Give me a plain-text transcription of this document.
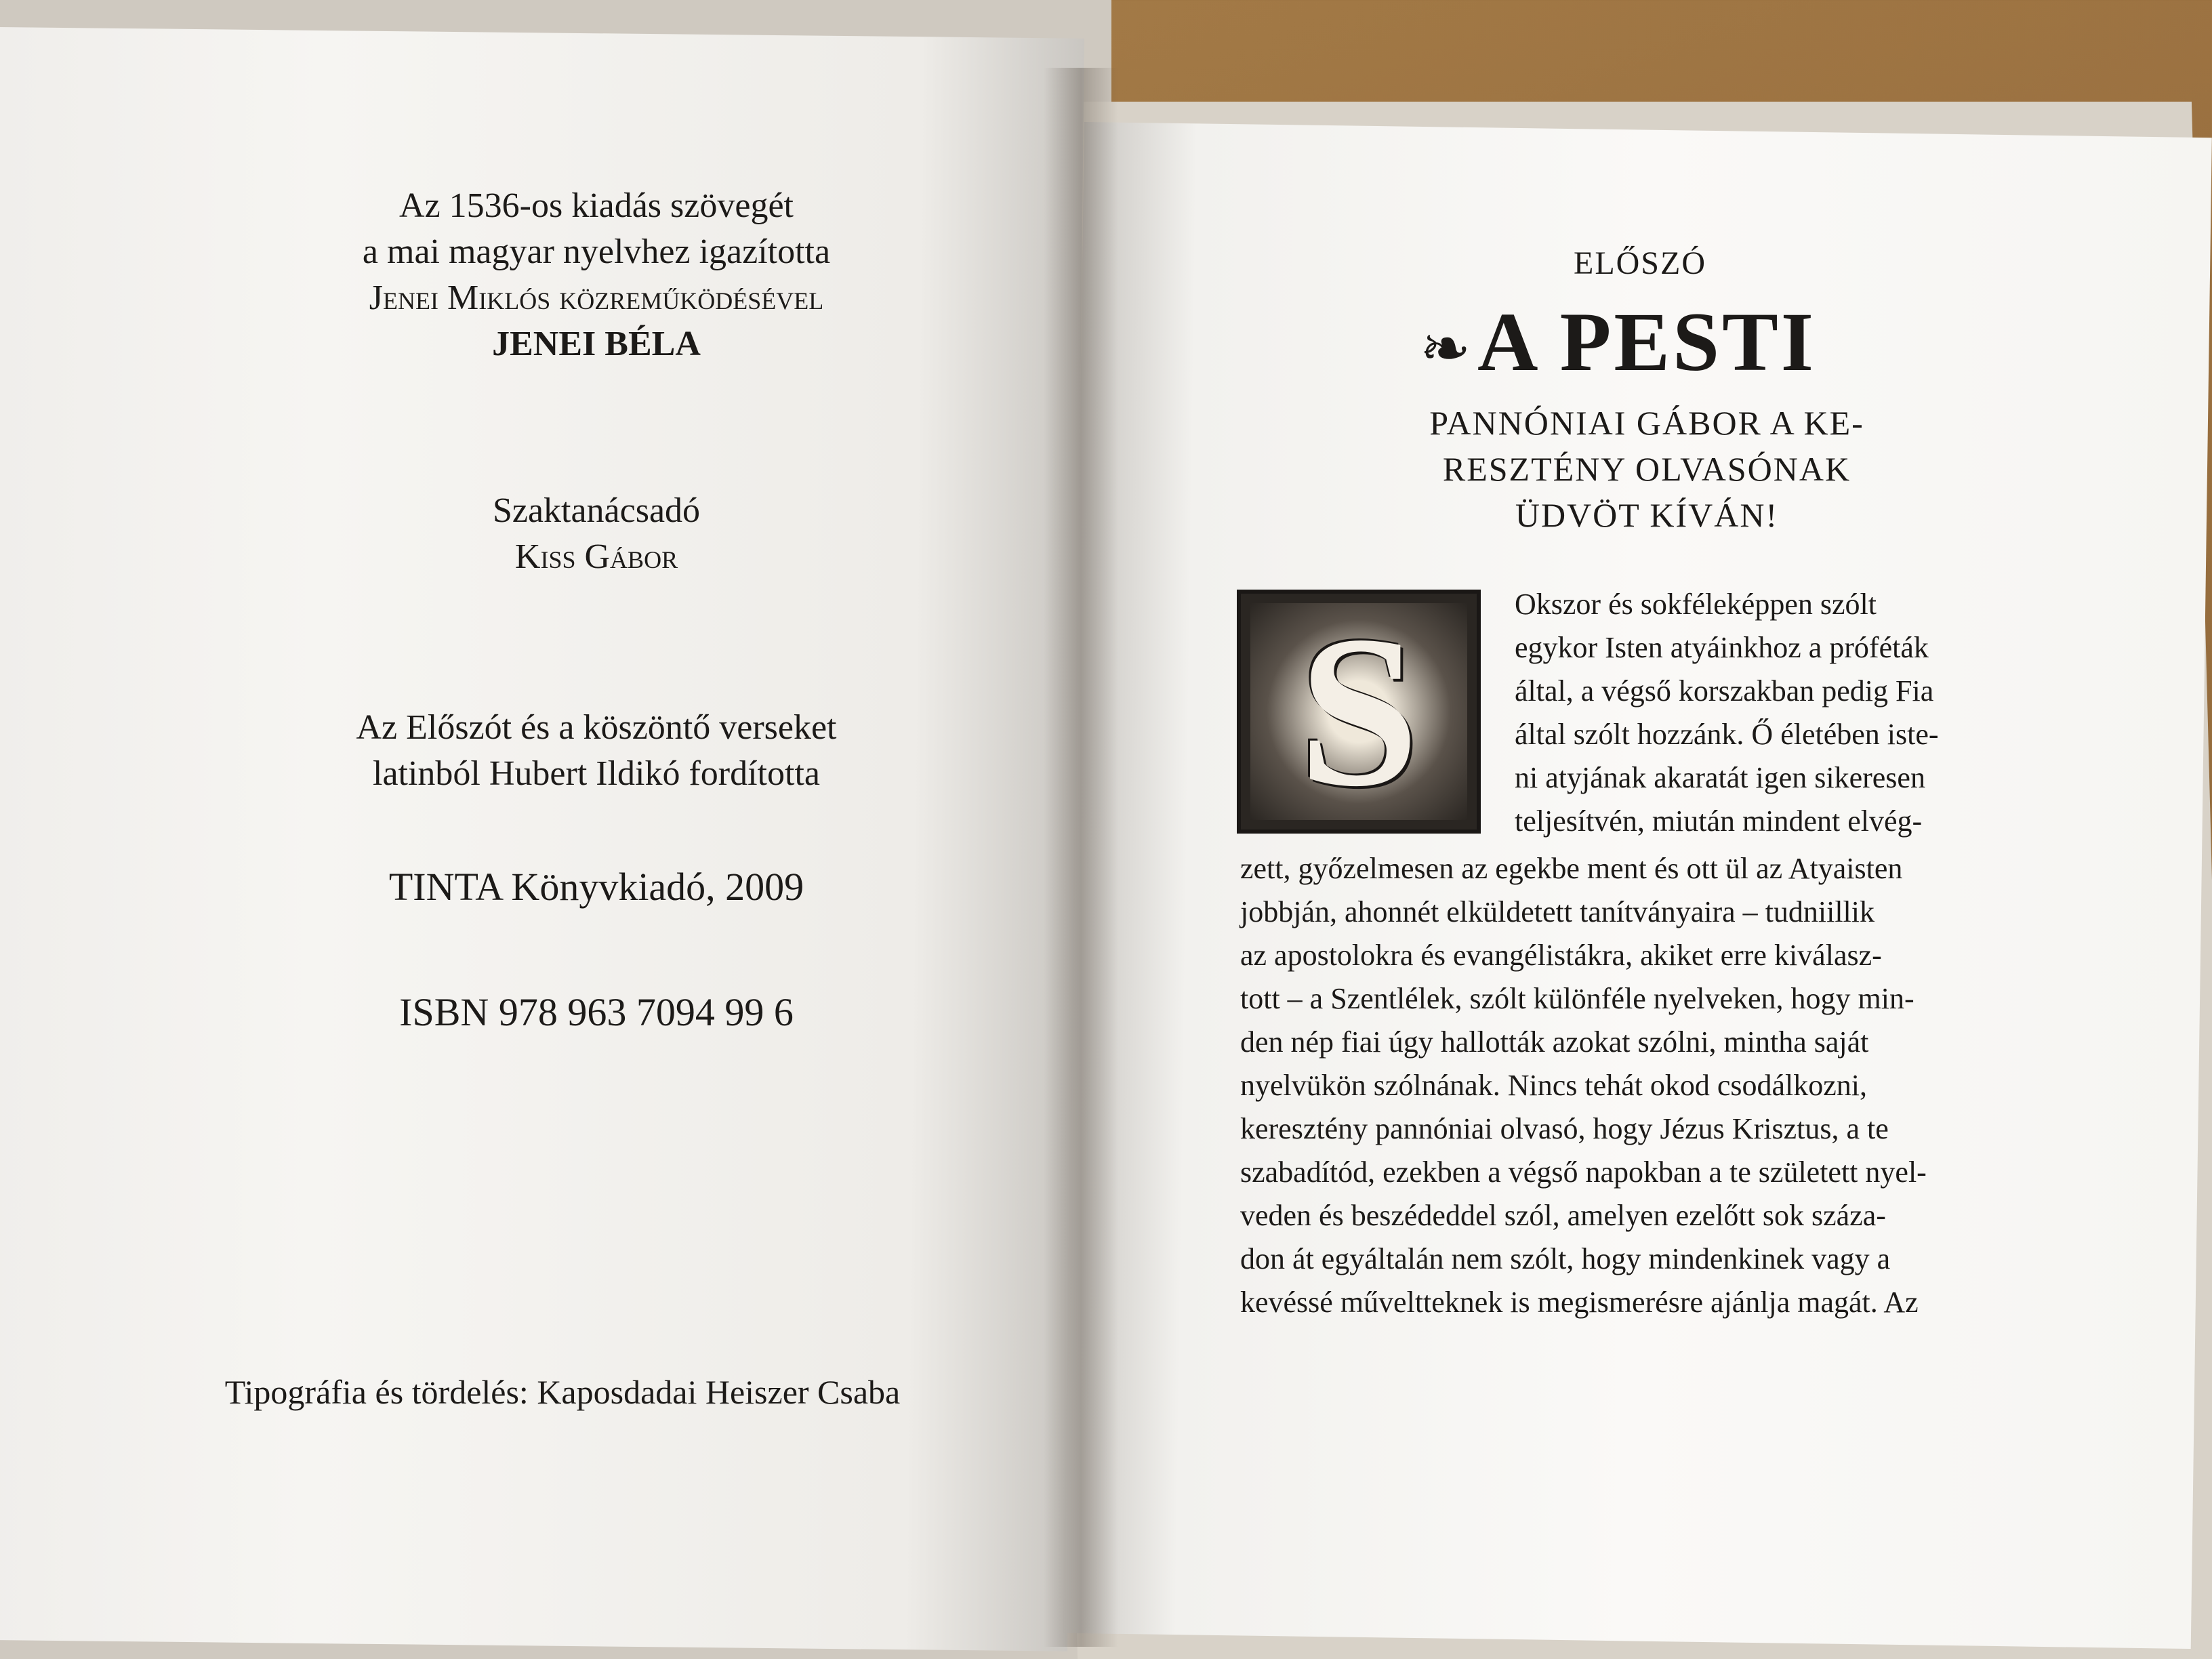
Az 1536-os kiadás szövegét
a mai magyar nyelvhez igazította
Jenei Miklós közreműködésével
JENEI BÉLA
Szaktanácsadó
Kiss Gábor
Az Előszót és a köszöntő verseket
latinból Hubert Ildikó fordította
TINTA Könyvkiadó, 2009
ISBN 978 963 7094 99 6
Tipográfia és tördelés: Kaposdadai Heiszer Csaba
ELŐSZÓ
❧ A PESTI
PANNÓNIAI GÁBOR A KE-
RESZTÉNY OLVASÓNAK
ÜDVÖT KÍVÁN!
S	Okszor és sokféleképpen szólt
egykor Isten atyáinkhoz a próféták
által, a végső korszakban pedig Fia
által szólt hozzánk. Ő életében iste-
ni atyjának akaratát igen sikeresen
teljesítvén, miután mindent elvég-
zett, győzelmesen az egekbe ment és ott ül az Atyaisten
jobbján, ahonnét elküldetett tanítványaira – tudniillik
az apostolokra és evangélistákra, akiket erre kiválasz-
tott – a Szentlélek, szólt különféle nyelveken, hogy min-
den nép fiai úgy hallották azokat szólni, mintha saját
nyelvükön szólnának. Nincs tehát okod csodálkozni,
keresztény pannóniai olvasó, hogy Jézus Krisztus, a te
szabadítód, ezekben a végső napokban a te született nyel-
veden és beszédeddel szól, amelyen ezelőtt sok száza-
don át egyáltalán nem szólt, hogy mindenkinek vagy a
kevéssé műveltteknek is megismerésre ajánlja magát. Az
